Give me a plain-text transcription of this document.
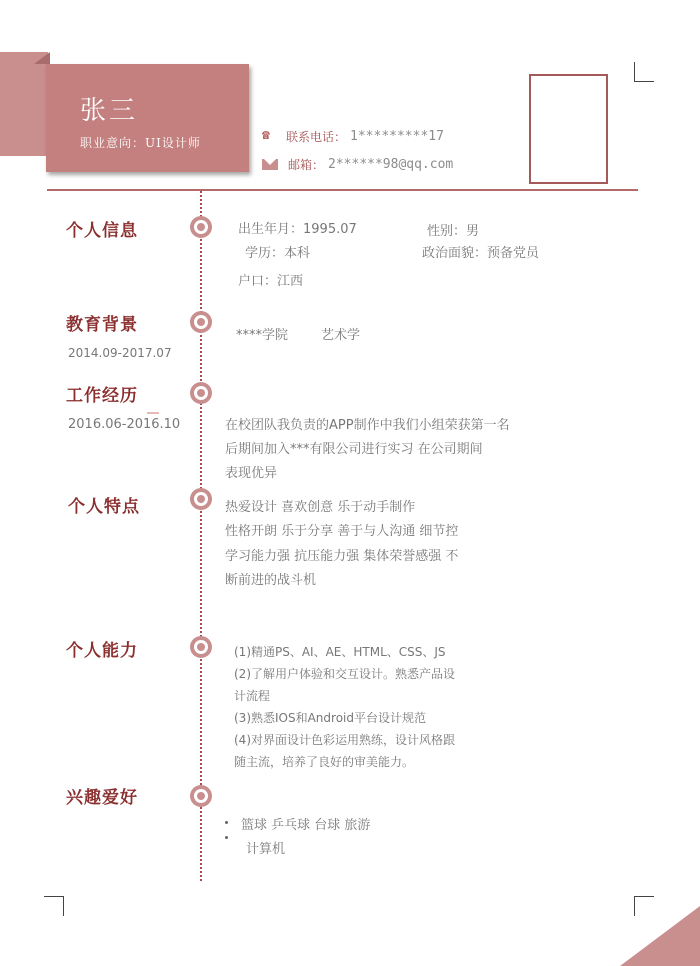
张三
职业意向：UI设计师
☎	联系电话： 1*********17
邮箱： 2******98@qq.com
个人信息	出生年月：1995.07	性别：男
学历：本科	政治面貌：预备党员
户口：江西
教育背景
2014.09-2017.07
****学院	艺术学
工作经历
2016.06-2016.10	在校团队我负责的APP制作中我们小组荣获第一名
后期间加入***有限公司进行实习 在公司期间
表现优异
个人特点	热爱设计 喜欢创意 乐于动手制作
性格开朗 乐于分享 善于与人沟通 细节控
学习能力强 抗压能力强 集体荣誉感强 不
断前进的战斗机
个人能力	(1)精通PS、AI、AE、HTML、CSS、JS
(2)了解用户体验和交互设计。熟悉产品设
计流程
(3)熟悉IOS和Android平台设计规范
(4)对界面设计色彩运用熟练，设计风格跟
随主流，培养了良好的审美能力。
兴趣爱好
篮球 乒乓球 台球 旅游
计算机
